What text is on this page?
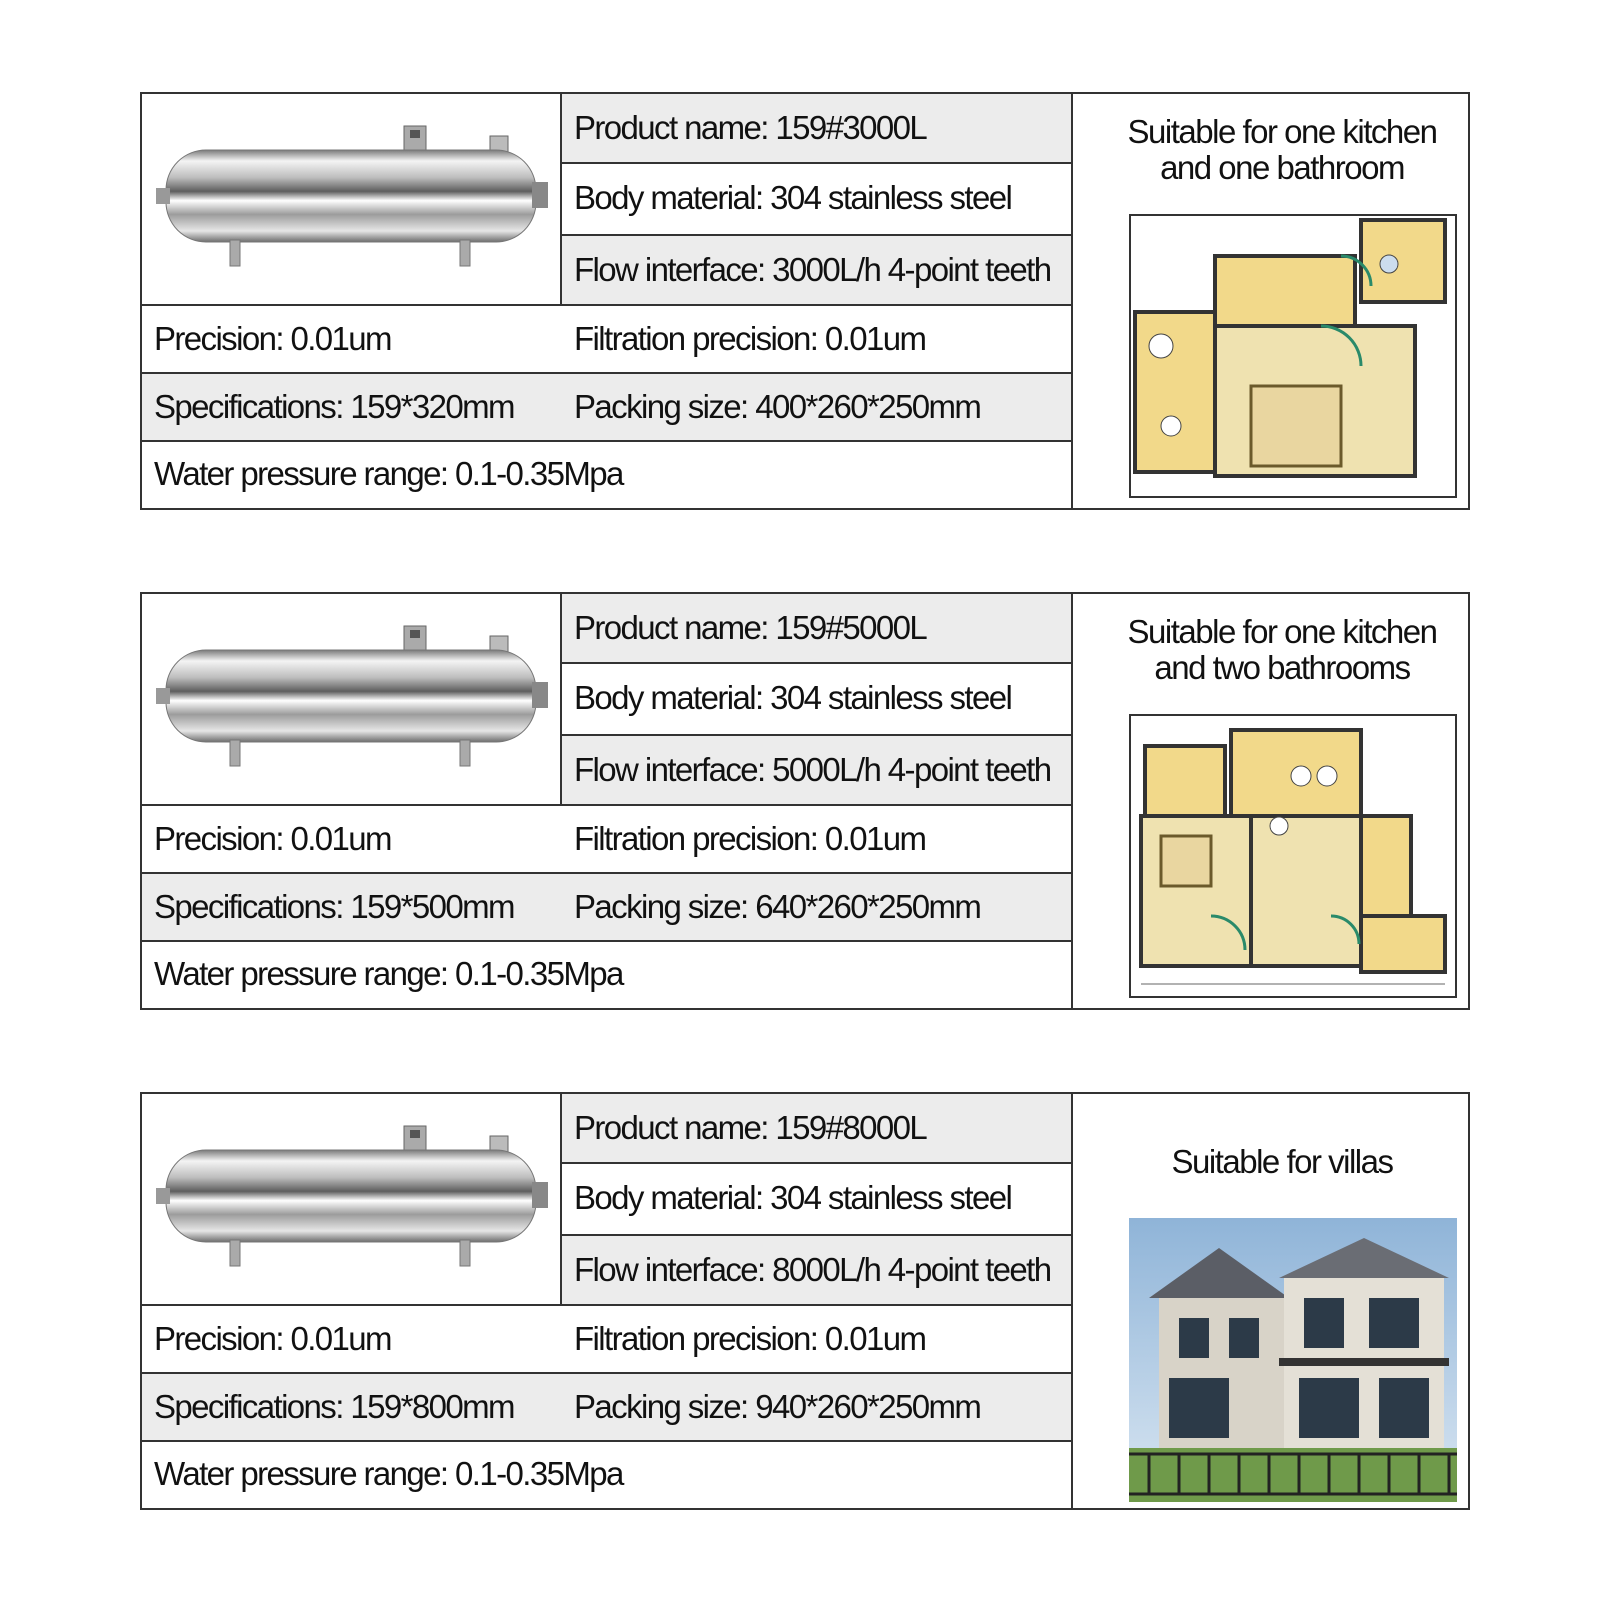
Product name: 159#3000L
Body material: 304 stainless steel
Flow interface: 3000L/h 4-point teeth
Precision: 0.01um	Filtration precision: 0.01um
Specifications: 159*320mm	Packing size: 400*260*250mm
Water pressure range: 0.1-0.35Mpa
Suitable for one kitchen
and one bathroom
Product name: 159#5000L
Body material: 304 stainless steel
Flow interface: 5000L/h 4-point teeth
Precision: 0.01um	Filtration precision: 0.01um
Specifications: 159*500mm	Packing size: 640*260*250mm
Water pressure range: 0.1-0.35Mpa
Suitable for one kitchen
and two bathrooms
Product name: 159#8000L
Body material: 304 stainless steel
Flow interface: 8000L/h 4-point teeth
Precision: 0.01um	Filtration precision: 0.01um
Specifications: 159*800mm	Packing size: 940*260*250mm
Water pressure range: 0.1-0.35Mpa
Suitable for villas
